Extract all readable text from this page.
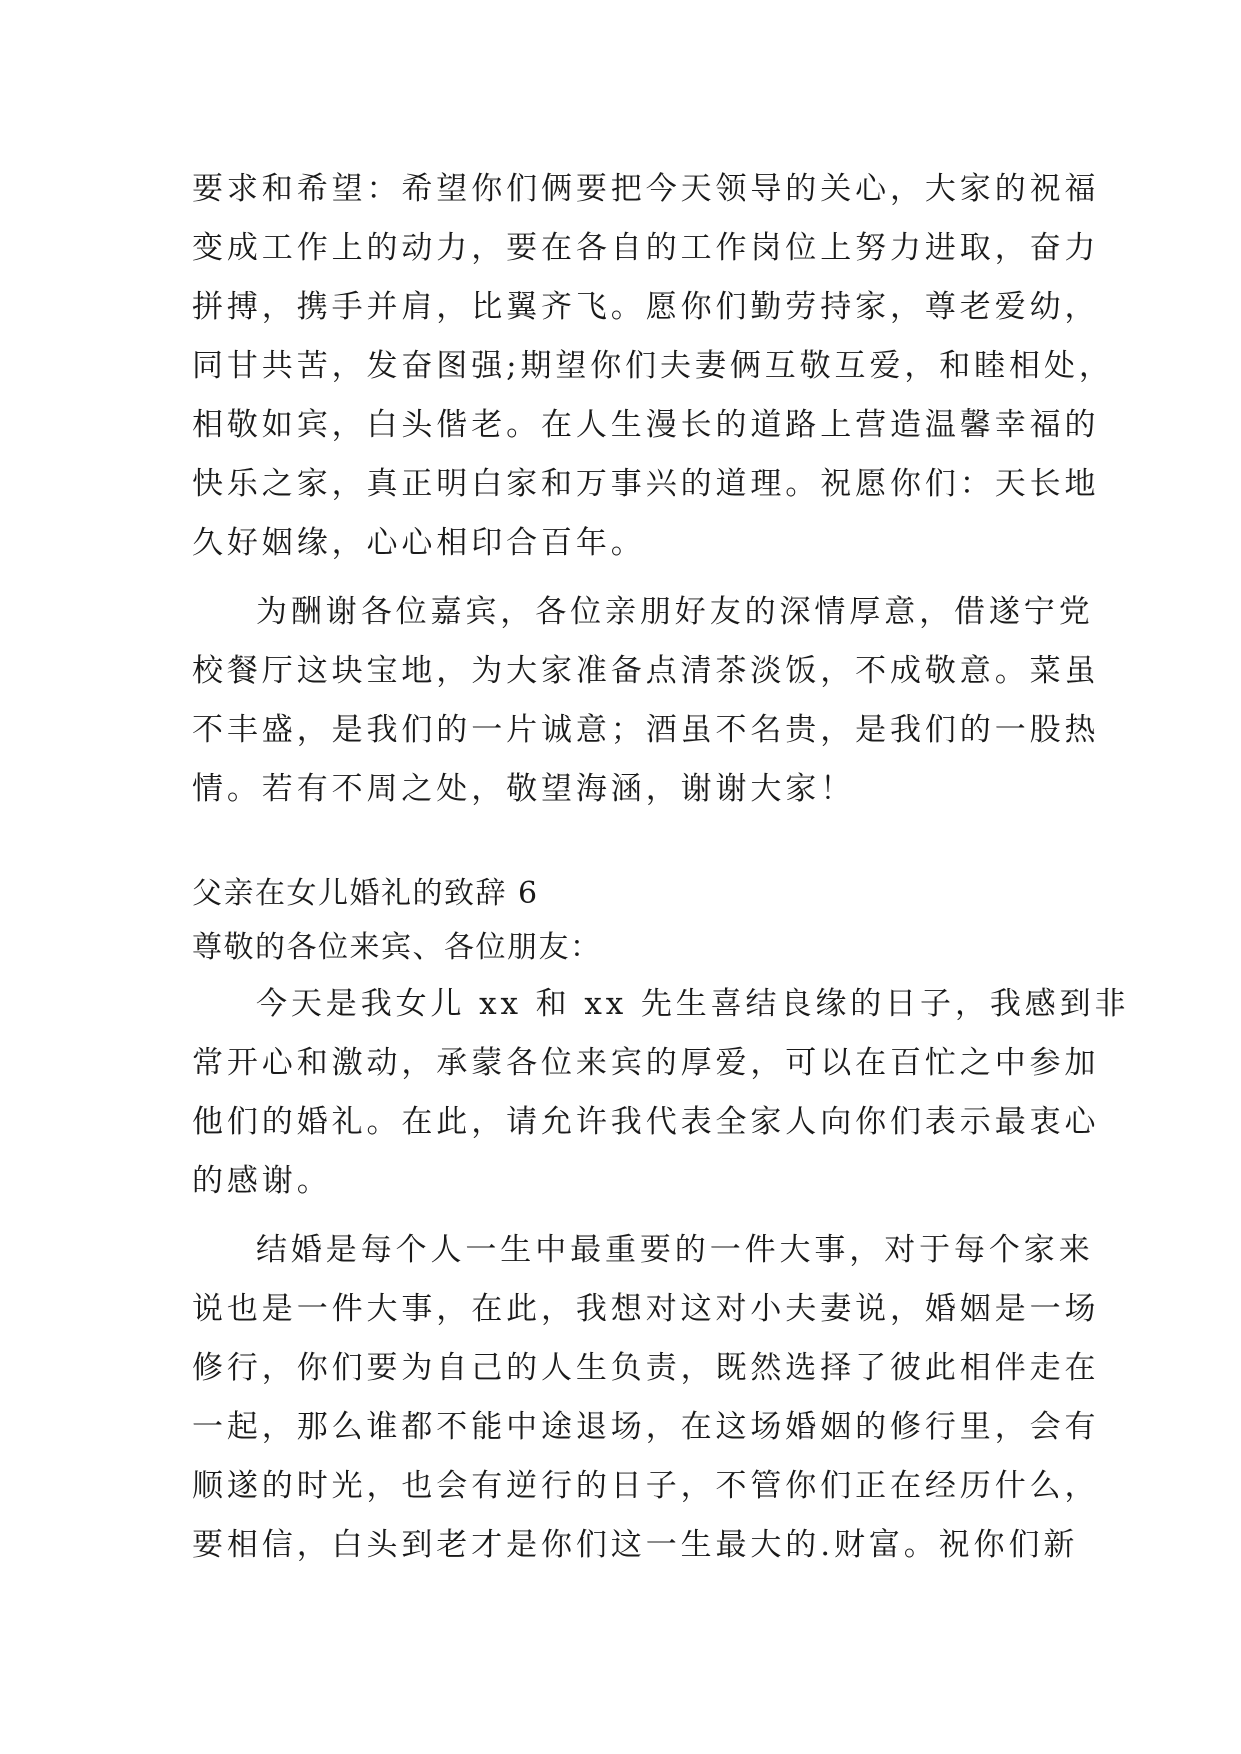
要求和希望：希望你们俩要把今天领导的关心，大家的祝福
变成工作上的动力，要在各自的工作岗位上努力进取，奋力
拼搏，携手并肩，比翼齐飞。愿你们勤劳持家，尊老爱幼，
同甘共苦，发奋图强;期望你们夫妻俩互敬互爱，和睦相处，
相敬如宾，白头偕老。在人生漫长的道路上营造温馨幸福的
快乐之家，真正明白家和万事兴的道理。祝愿你们：天长地
久好姻缘，心心相印合百年。
为酬谢各位嘉宾，各位亲朋好友的深情厚意，借遂宁党
校餐厅这块宝地，为大家准备点清茶淡饭，不成敬意。菜虽
不丰盛，是我们的一片诚意；酒虽不名贵，是我们的一股热
情。若有不周之处，敬望海涵，谢谢大家！
父亲在女儿婚礼的致辞 6
尊敬的各位来宾、各位朋友：
今天是我女儿 xx 和 xx 先生喜结良缘的日子，我感到非
常开心和激动，承蒙各位来宾的厚爱，可以在百忙之中参加
他们的婚礼。在此，请允许我代表全家人向你们表示最衷心
的感谢。
结婚是每个人一生中最重要的一件大事，对于每个家来
说也是一件大事，在此，我想对这对小夫妻说，婚姻是一场
修行，你们要为自己的人生负责，既然选择了彼此相伴走在
一起，那么谁都不能中途退场，在这场婚姻的修行里，会有
顺遂的时光，也会有逆行的日子，不管你们正在经历什么，
要相信，白头到老才是你们这一生最大的.财富。祝你们新
